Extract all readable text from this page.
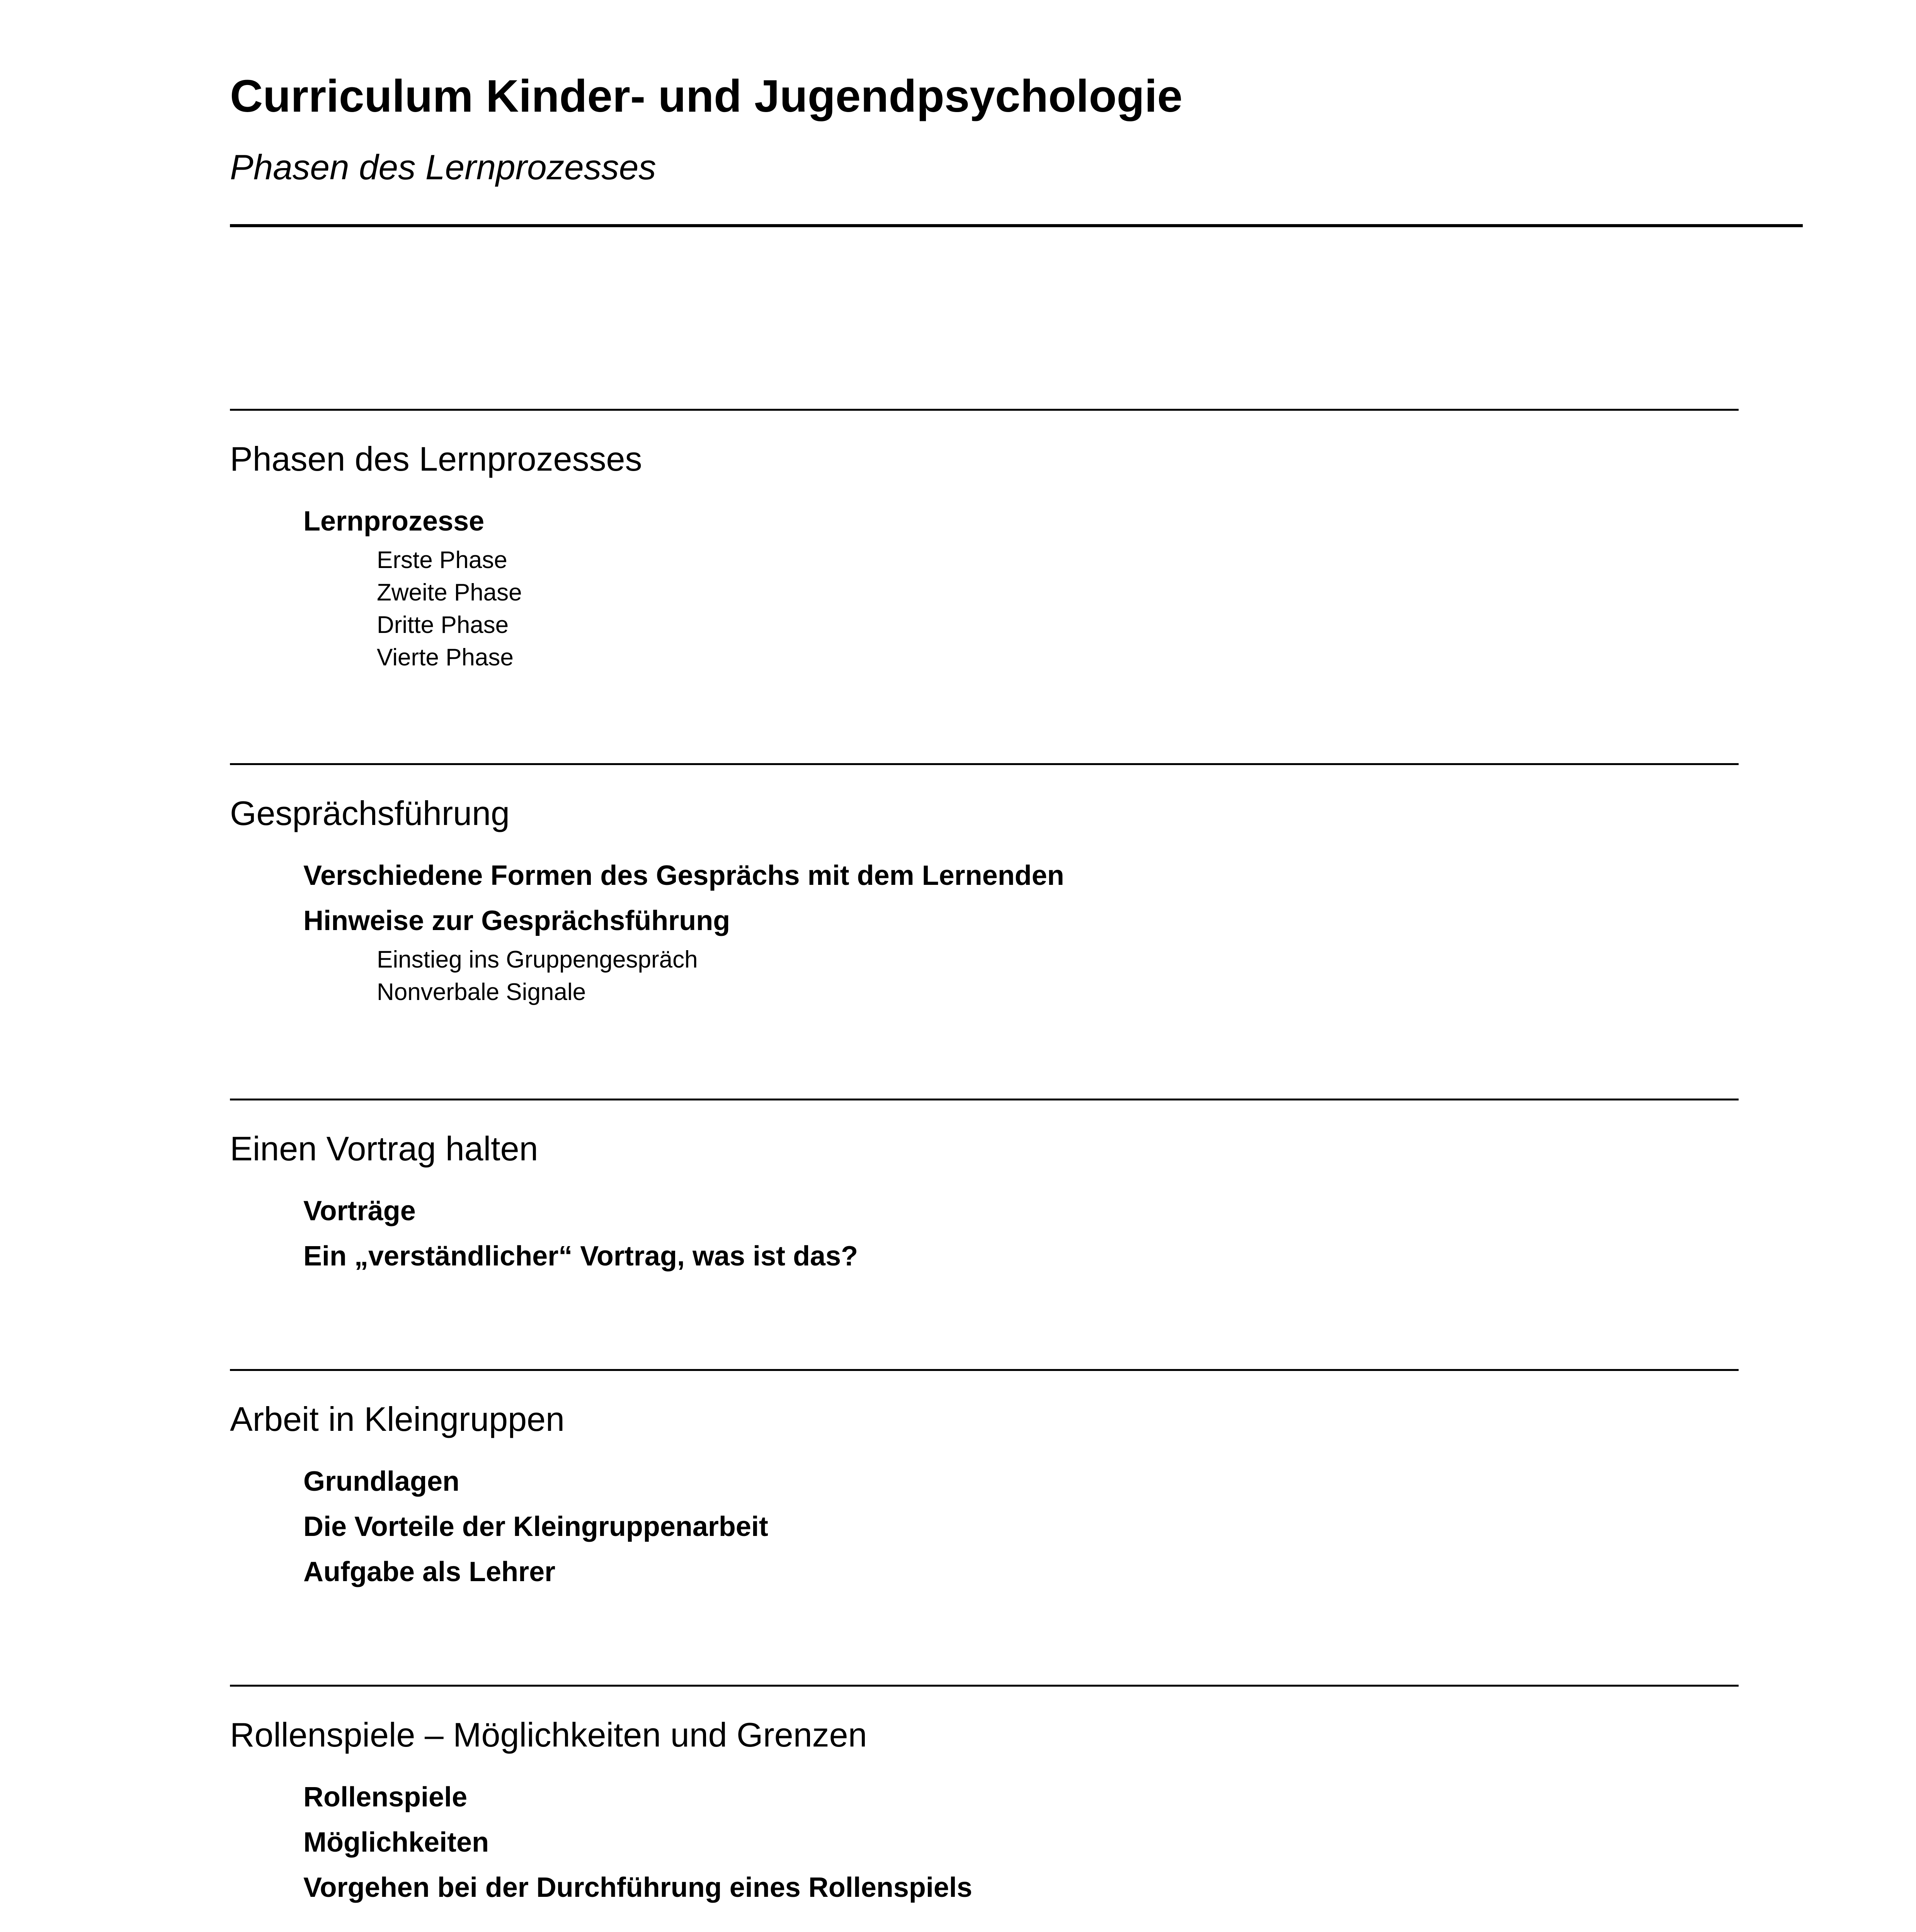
Curriculum Kinder- und Jugendpsychologie
Phasen des Lernprozesses
Phasen des Lernprozesses
Lernprozesse
Erste Phase
Zweite Phase
Dritte Phase
Vierte Phase
Gesprächsführung
Verschiedene Formen des Gesprächs mit dem Lernenden
Hinweise zur Gesprächsführung
Einstieg ins Gruppengespräch
Nonverbale Signale
Einen Vortrag halten
Vorträge
Ein „verständlicher“ Vortrag, was ist das?
Arbeit in Kleingruppen
Grundlagen
Die Vorteile der Kleingruppenarbeit
Aufgabe als Lehrer
Rollenspiele – Möglichkeiten und Grenzen
Rollenspiele
Möglichkeiten
Vorgehen bei der Durchführung eines Rollenspiels
